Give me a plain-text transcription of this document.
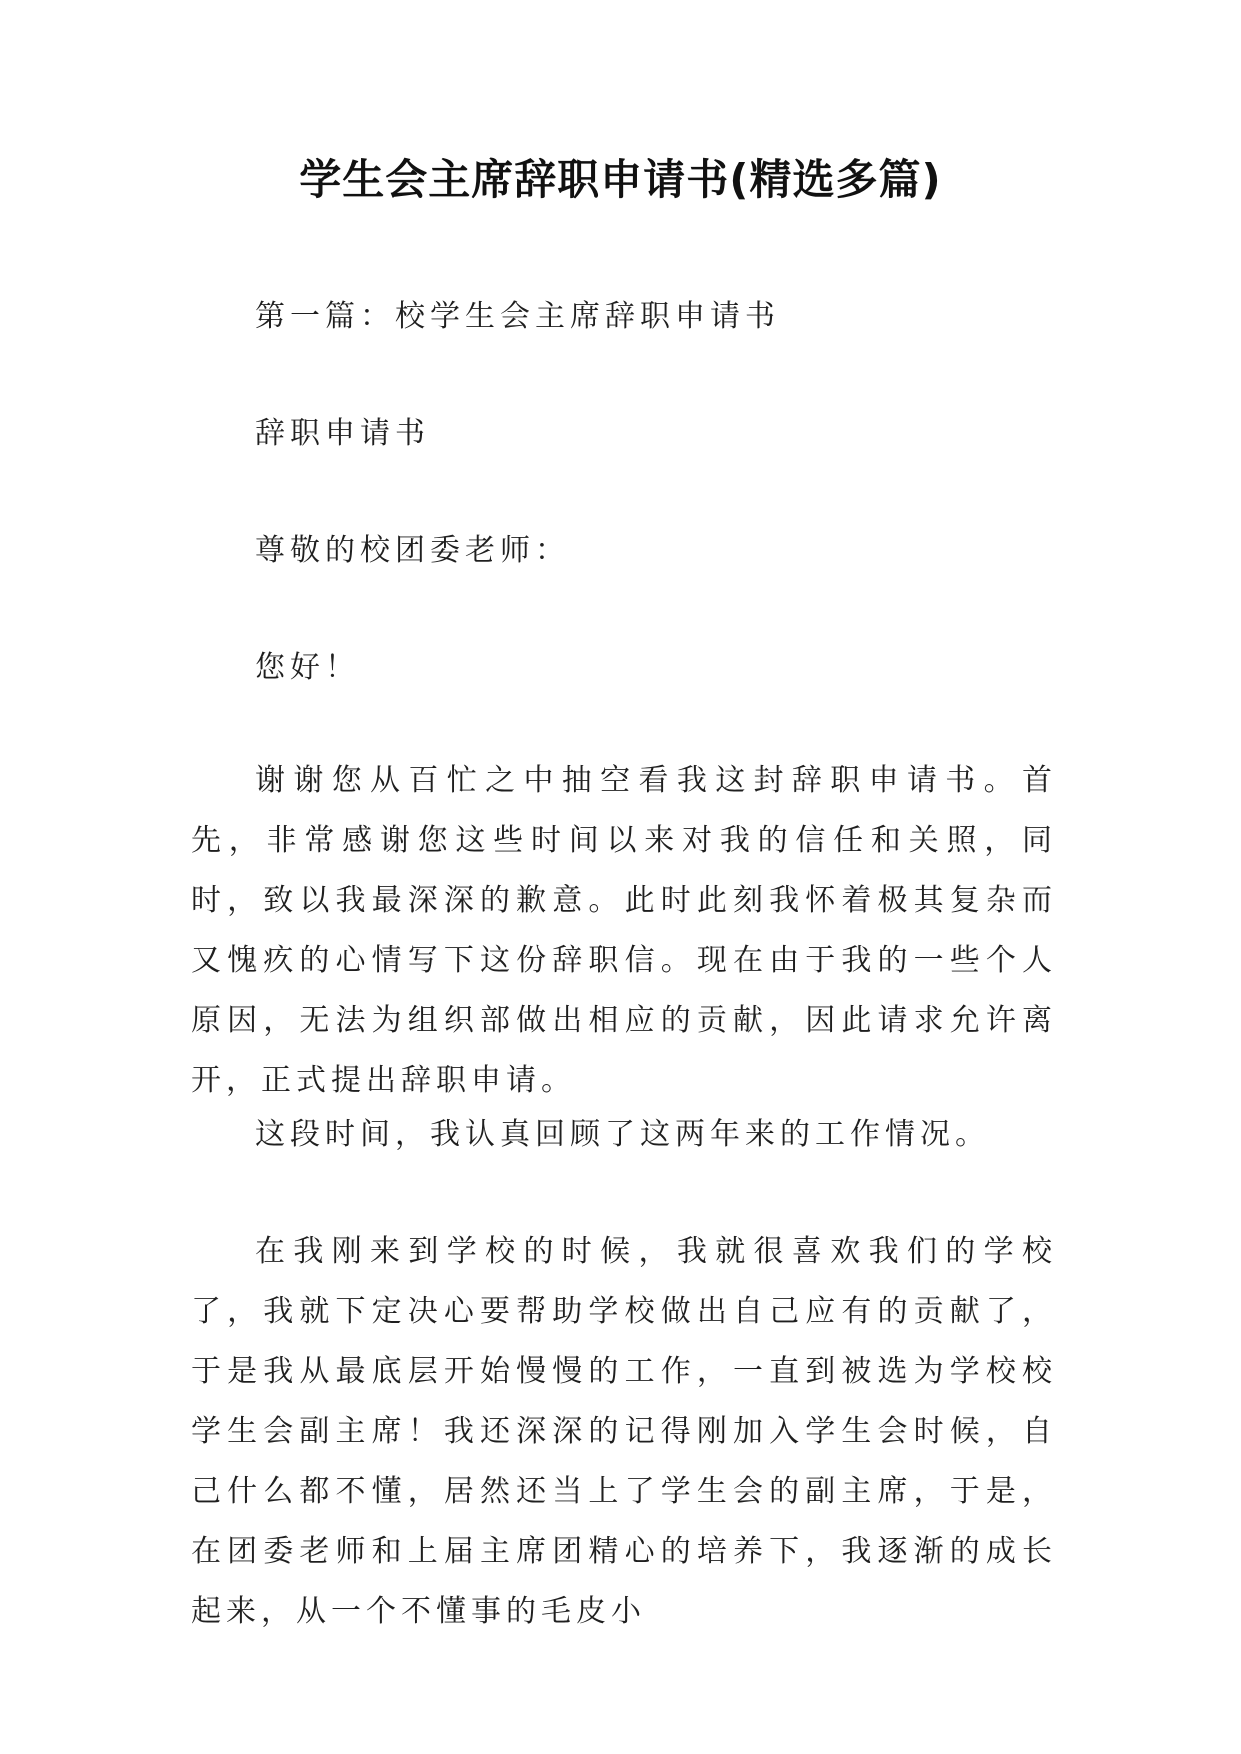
学生会主席辞职申请书(精选多篇)
第一篇：校学生会主席辞职申请书
辞职申请书
尊敬的校团委老师：
您好！
谢谢您从百忙之中抽空看我这封辞职申请书。首先，非常感谢您这些时间以来对我的信任和关照，同时，致以我最深深的歉意。此时此刻我怀着极其复杂而又愧疚的心情写下这份辞职信。现在由于我的一些个人原因，无法为组织部做出相应的贡献，因此请求允许离开，正式提出辞职申请。
这段时间，我认真回顾了这两年来的工作情况。
在我刚来到学校的时候，我就很喜欢我们的学校了，我就下定决心要帮助学校做出自己应有的贡献了，于是我从最底层开始慢慢的工作，一直到被选为学校校学生会副主席！我还深深的记得刚加入学生会时候，自己什么都不懂，居然还当上了学生会的副主席，于是，在团委老师和上届主席团精心的培养下，我逐渐的成长起来，从一个不懂事的毛皮小
